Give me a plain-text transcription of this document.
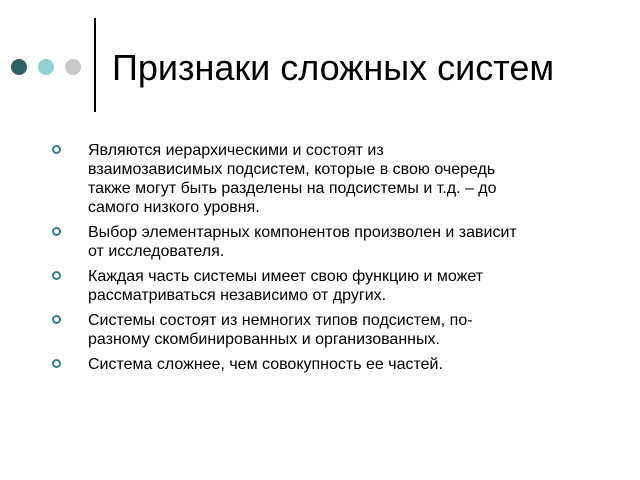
Признаки сложных систем
Являются иерархическими и состоят из
взаимозависимых подсистем, которые в свою очередь
также могут быть разделены на подсистемы и т.д. – до
самого низкого уровня.
Выбор элементарных компонентов произволен и зависит
от исследователя.
Каждая часть системы имеет свою функцию и может
рассматриваться независимо от других.
Системы состоят из немногих типов подсистем, по-
разному скомбинированных и организованных.
Система сложнее, чем совокупность ее частей.
